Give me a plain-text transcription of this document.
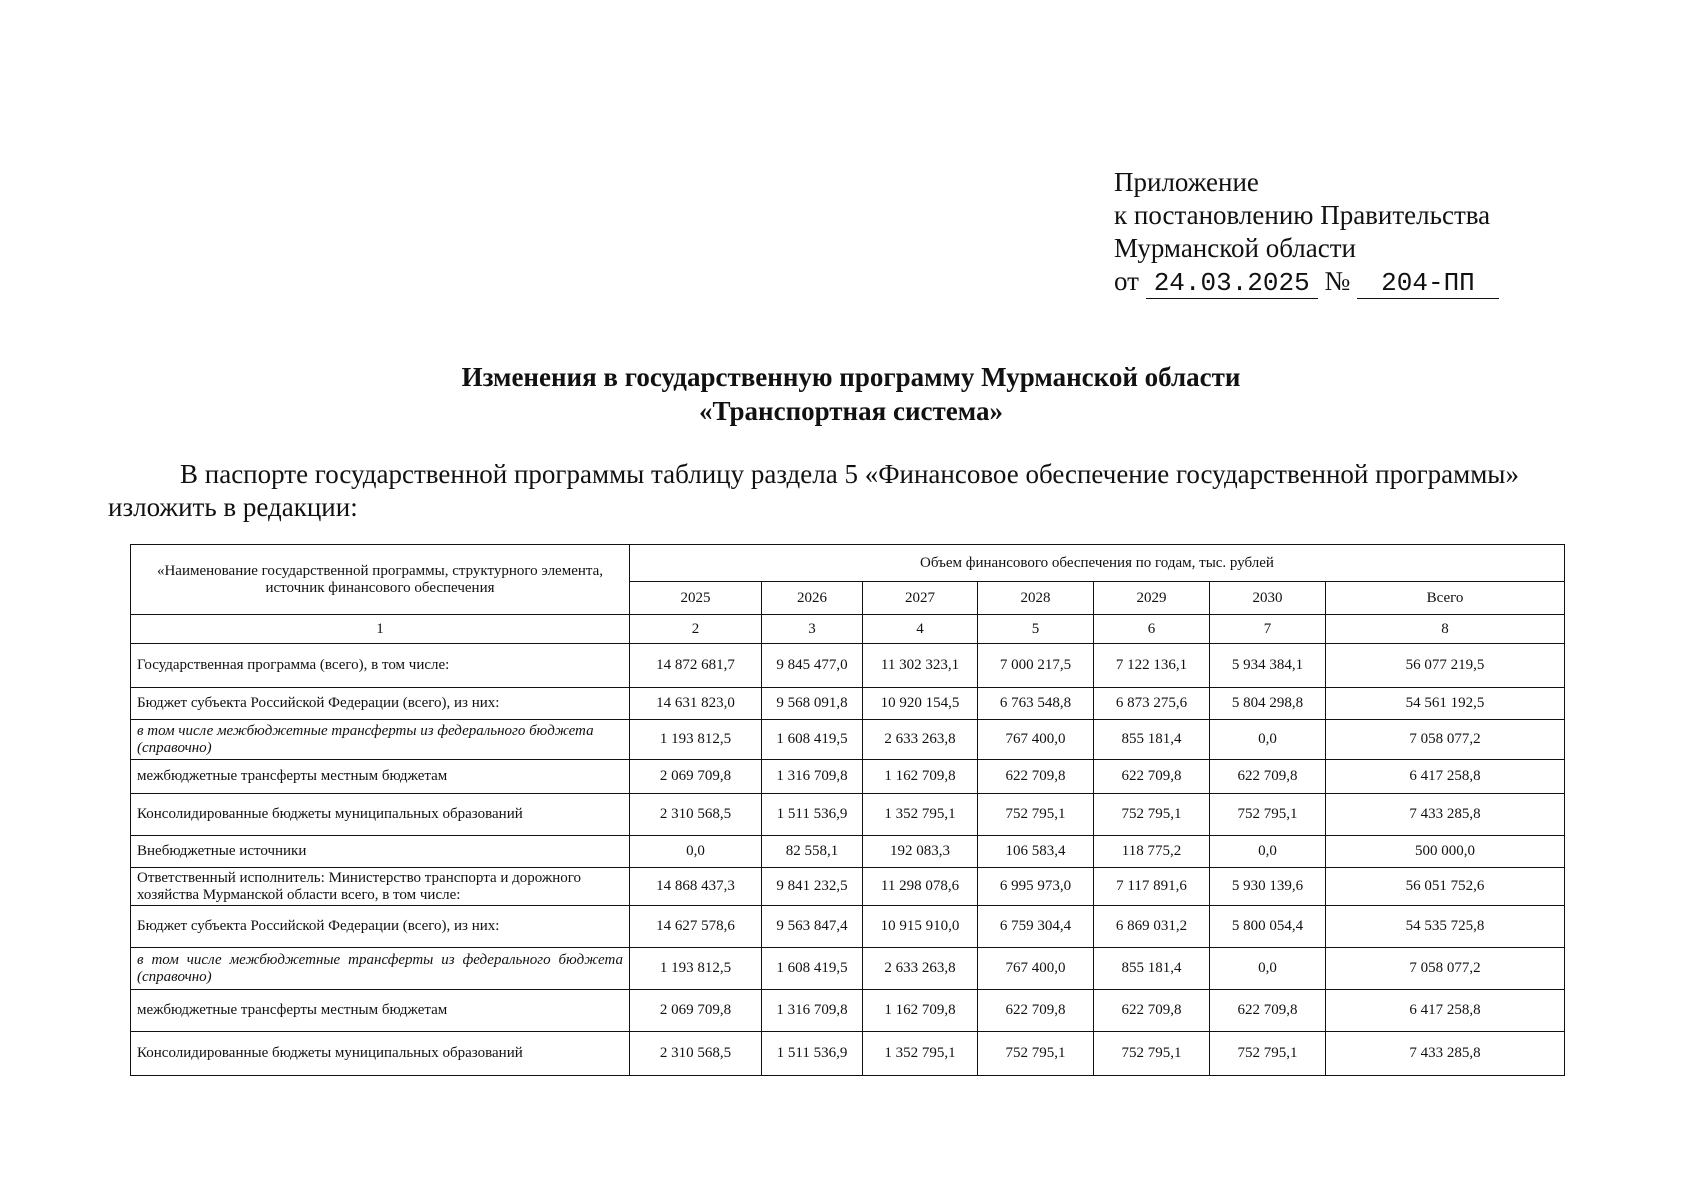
Приложение
к постановлению Правительства
Мурманской области
от 24.03.2025 № 204-ПП
Изменения в государственную программу Мурманской области
«Транспортная система»
В паспорте государственной программы таблицу раздела 5 «Финансовое обеспечение государственной программы»
изложить в редакции:
«Наименование государственной программы, структурного элемента,
источник финансового обеспечения	Объем финансового обеспечения по годам, тыс. рублей						
	2025	2026	2027	2028	2029	2030	Всего
1	2	3	4	5	6	7	8
Государственная программа (всего), в том числе:	14 872 681,7	9 845 477,0	11 302 323,1	7 000 217,5	7 122 136,1	5 934 384,1	56 077 219,5
Бюджет субъекта Российской Федерации (всего), из них:	14 631 823,0	9 568 091,8	10 920 154,5	6 763 548,8	6 873 275,6	5 804 298,8	54 561 192,5
в том числе межбюджетные трансферты из федерального бюджета (справочно)	1 193 812,5	1 608 419,5	2 633 263,8	767 400,0	855 181,4	0,0	7 058 077,2
межбюджетные трансферты местным бюджетам	2 069 709,8	1 316 709,8	1 162 709,8	622 709,8	622 709,8	622 709,8	6 417 258,8
Консолидированные бюджеты муниципальных образований	2 310 568,5	1 511 536,9	1 352 795,1	752 795,1	752 795,1	752 795,1	7 433 285,8
Внебюджетные источники	0,0	82 558,1	192 083,3	106 583,4	118 775,2	0,0	500 000,0
Ответственный исполнитель: Министерство транспорта и дорожного хозяйства Мурманской области всего, в том числе:	14 868 437,3	9 841 232,5	11 298 078,6	6 995 973,0	7 117 891,6	5 930 139,6	56 051 752,6
Бюджет субъекта Российской Федерации (всего), из них:	14 627 578,6	9 563 847,4	10 915 910,0	6 759 304,4	6 869 031,2	5 800 054,4	54 535 725,8
в том числе межбюджетные трансферты из федерального бюджета (справочно)	1 193 812,5	1 608 419,5	2 633 263,8	767 400,0	855 181,4	0,0	7 058 077,2
межбюджетные трансферты местным бюджетам	2 069 709,8	1 316 709,8	1 162 709,8	622 709,8	622 709,8	622 709,8	6 417 258,8
Консолидированные бюджеты муниципальных образований	2 310 568,5	1 511 536,9	1 352 795,1	752 795,1	752 795,1	752 795,1	7 433 285,8
